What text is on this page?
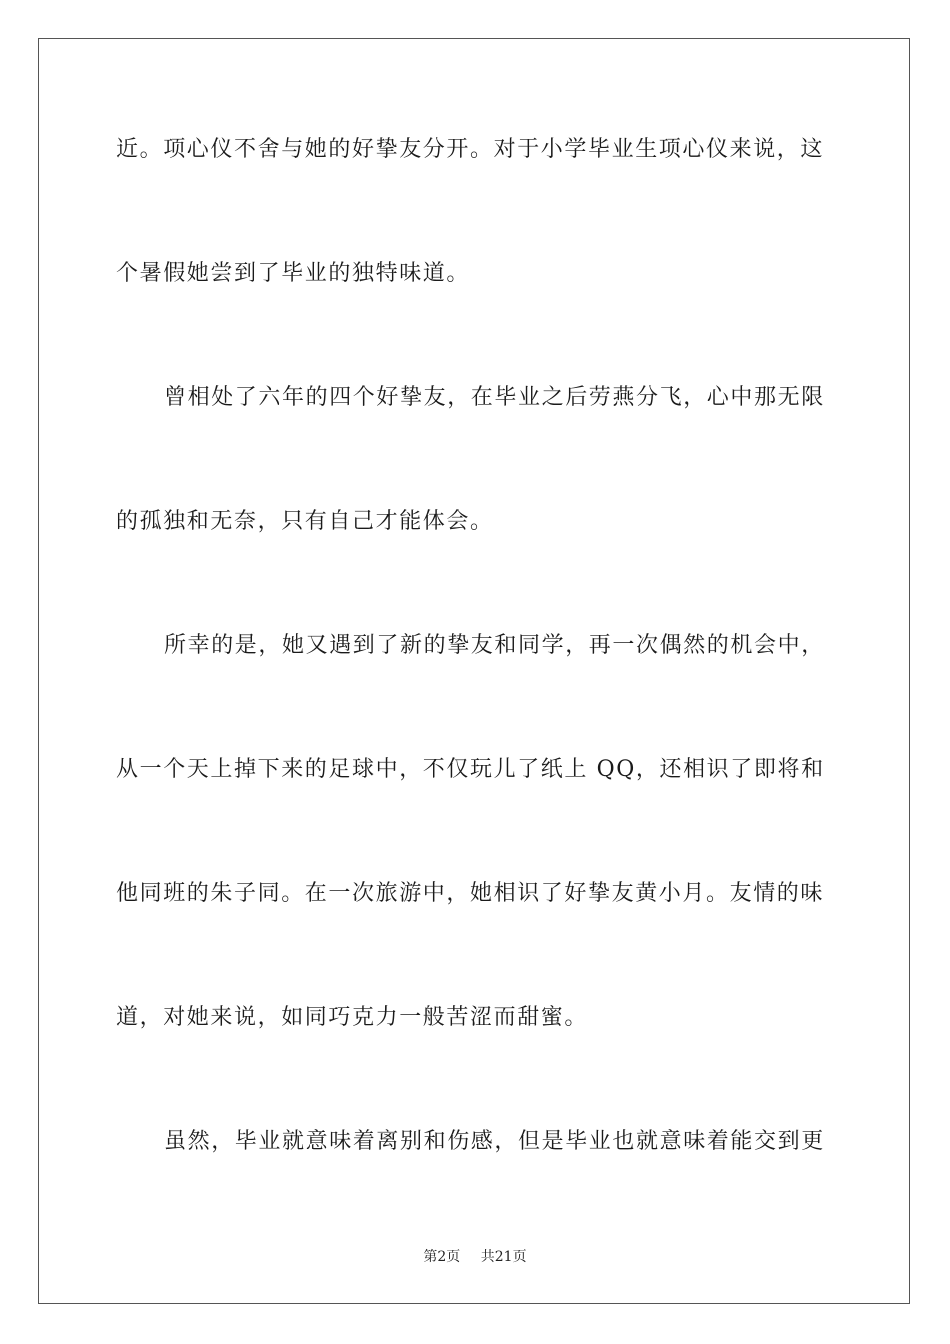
近。项心仪不舍与她的好挚友分开。对于小学毕业生项心仪来说，这
个暑假她尝到了毕业的独特味道。
曾相处了六年的四个好挚友，在毕业之后劳燕分飞，心中那无限
的孤独和无奈，只有自己才能体会。
所幸的是，她又遇到了新的挚友和同学，再一次偶然的机会中，
从一个天上掉下来的足球中，不仅玩儿了纸上 QQ，还相识了即将和
他同班的朱子同。在一次旅游中，她相识了好挚友黄小月。友情的味
道，对她来说，如同巧克力一般苦涩而甜蜜。
虽然，毕业就意味着离别和伤感，但是毕业也就意味着能交到更
第2页 共21页
